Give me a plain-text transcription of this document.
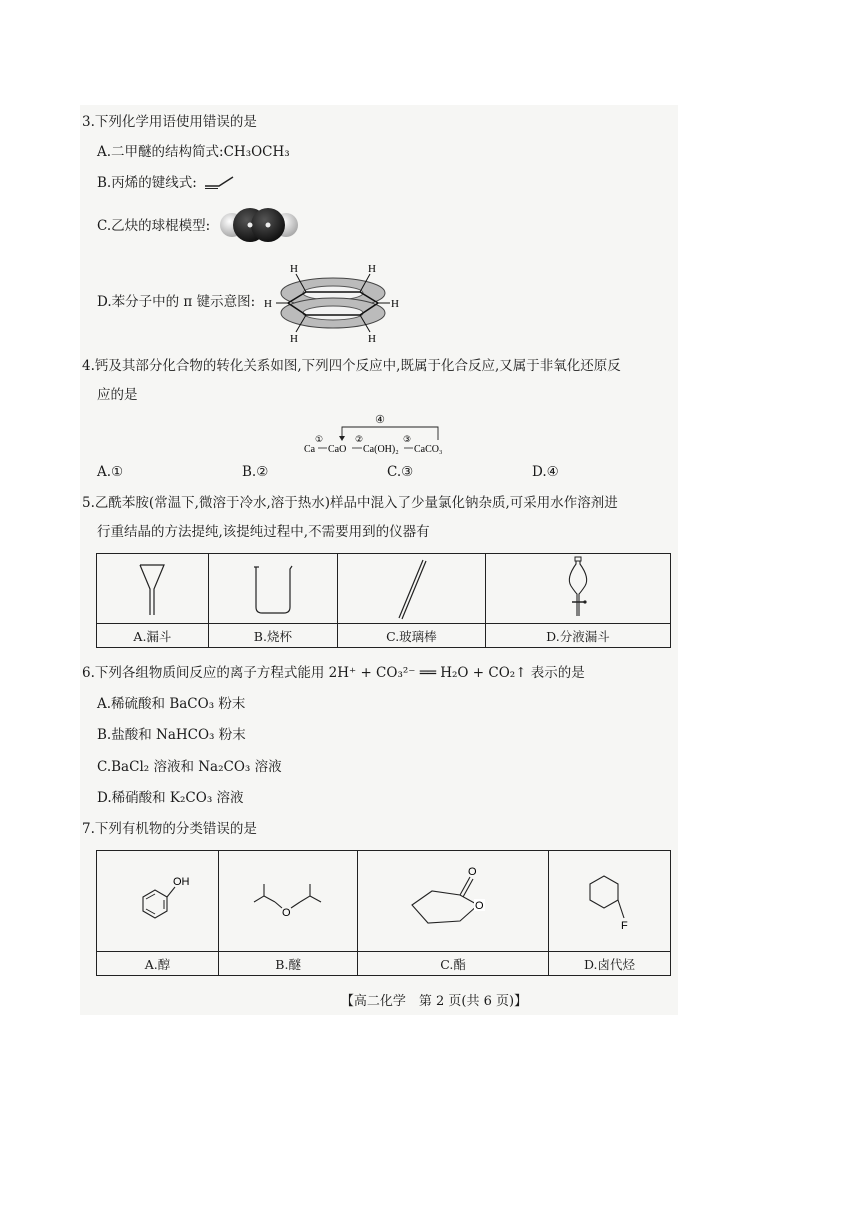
3.下列化学用语使用错误的是
A.二甲醚的结构简式:CH₃OCH₃
B.丙烯的键线式:
C.乙炔的球棍模型:
D.苯分子中的 π 键示意图:
H	H
H
H
H	H
4.钙及其部分化合物的转化关系如图,下列四个反应中,既属于化合反应,又属于非氧化还原反
应的是
④
Ca
①
CaO
②
Ca(OH)₂
③
CaCO₃
A.①	B.②	C.③	D.④
5.乙酰苯胺(常温下,微溶于冷水,溶于热水)样品中混入了少量氯化钠杂质,可采用水作溶剂进
行重结晶的方法提纯,该提纯过程中,不需要用到的仪器有

A.漏斗	B.烧杯	C.玻璃棒	D.分液漏斗
6.下列各组物质间反应的离子方程式能用 2H⁺ + CO₃²⁻ ══ H₂O + CO₂↑ 表示的是
A.稀硫酸和 BaCO₃ 粉末
B.盐酸和 NaHCO₃ 粉末
C.BaCl₂ 溶液和 Na₂CO₃ 溶液
D.稀硝酸和 K₂CO₃ 溶液
7.下列有机物的分类错误的是
OH	O	O
O	F

A.醇	B.醚	C.酯	D.卤代烃
【高二化学　第 2 页(共 6 页)】
